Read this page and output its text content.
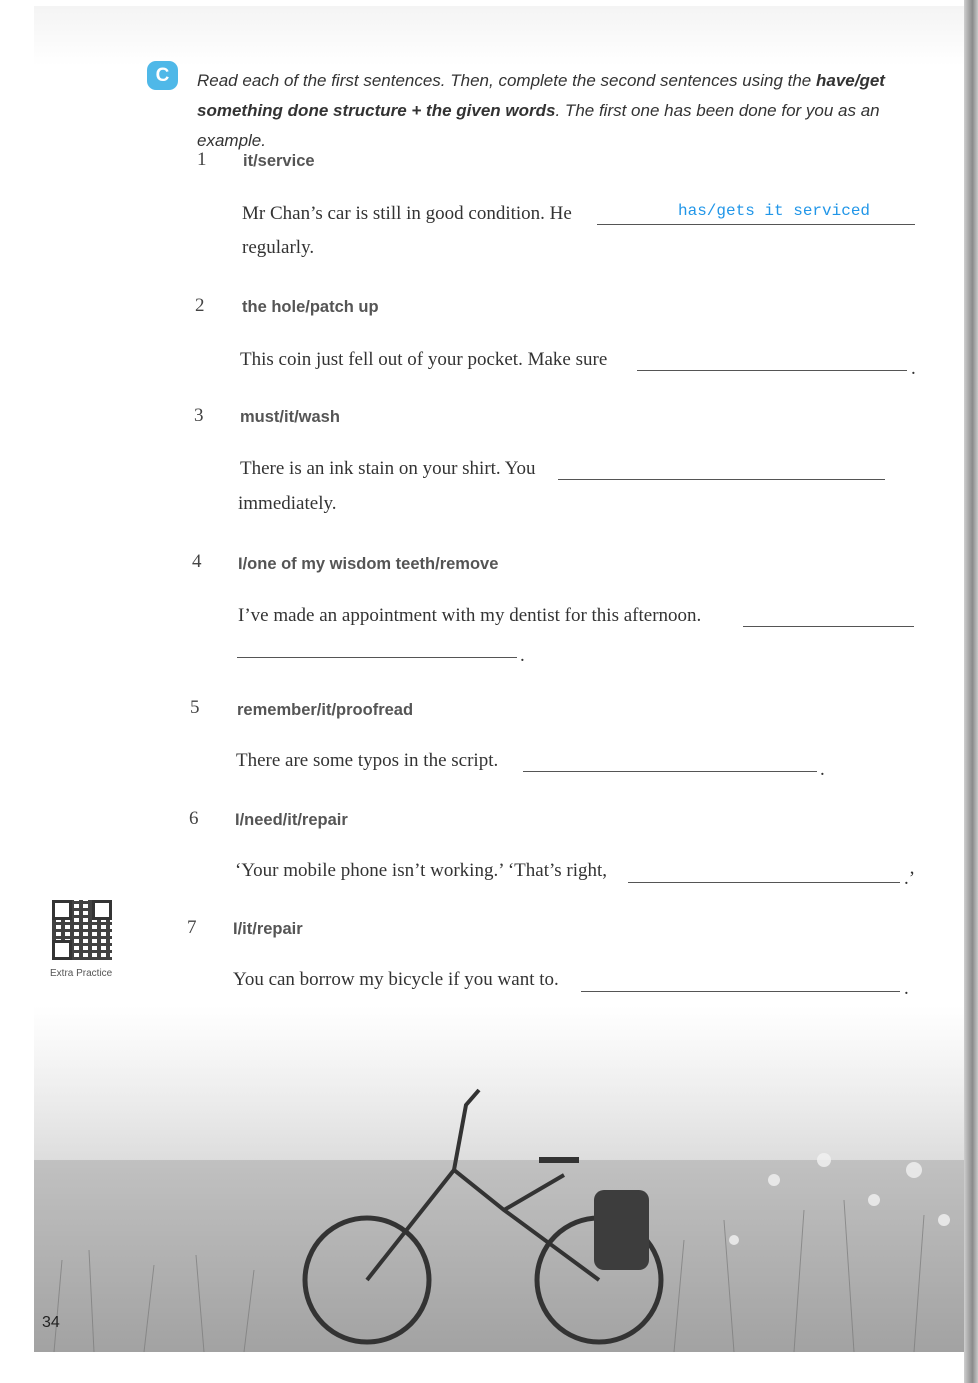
C	Read each of the first sentences. Then, complete the second sentences using the have/get something done structure + the given words. The first one has been done for you as an example.
1 it/service
Mr Chan’s car is still in good condition. He	has/gets it serviced
regularly.
2 the hole/patch up
This coin just fell out of your pocket. Make sure	.
3 must/it/wash
There is an ink stain on your shirt. You
immediately.
4 I/one of my wisdom teeth/remove
I’ve made an appointment with my dentist for this afternoon.
.
5 remember/it/proofread
There are some typos in the script.	.
6 I/need/it/repair
‘Your mobile phone isn’t working.’ ‘That’s right,	.’
Extra Practice
7 I/it/repair
You can borrow my bicycle if you want to.	.
34
